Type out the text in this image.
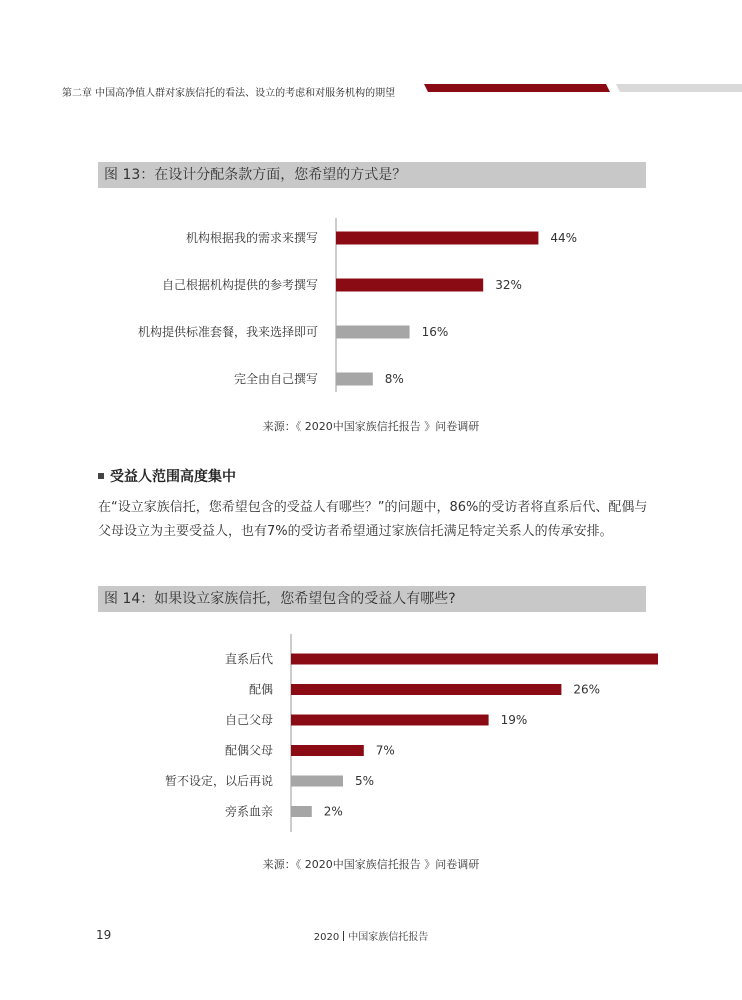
第二章 中国高净值人群对家族信托的看法、设立的考虑和对服务机构的期望
图 13：在设计分配条款方面，您希望的方式是？
机构根据我的需求来撰写	44%
自己根据机构提供的参考撰写	32%
机构提供标准套餐，我来选择即可	16%
完全由自己撰写	8%
来源：《 2020中国家族信托报告 》问卷调研
受益人范围高度集中
在“设立家族信托，您希望包含的受益人有哪些？”的问题中，86%的受访者将直系后代、配偶与父母设立为主要受益人，也有7%的受访者希望通过家族信托满足特定关系人的传承安排。
图 14：如果设立家族信托，您希望包含的受益人有哪些?
直系后代
配偶	26%
自己父母	19%
配偶父母	7%
暂不设定，以后再说	5%
旁系血亲	2%
来源：《 2020中国家族信托报告 》问卷调研
19	2020 中国家族信托报告
